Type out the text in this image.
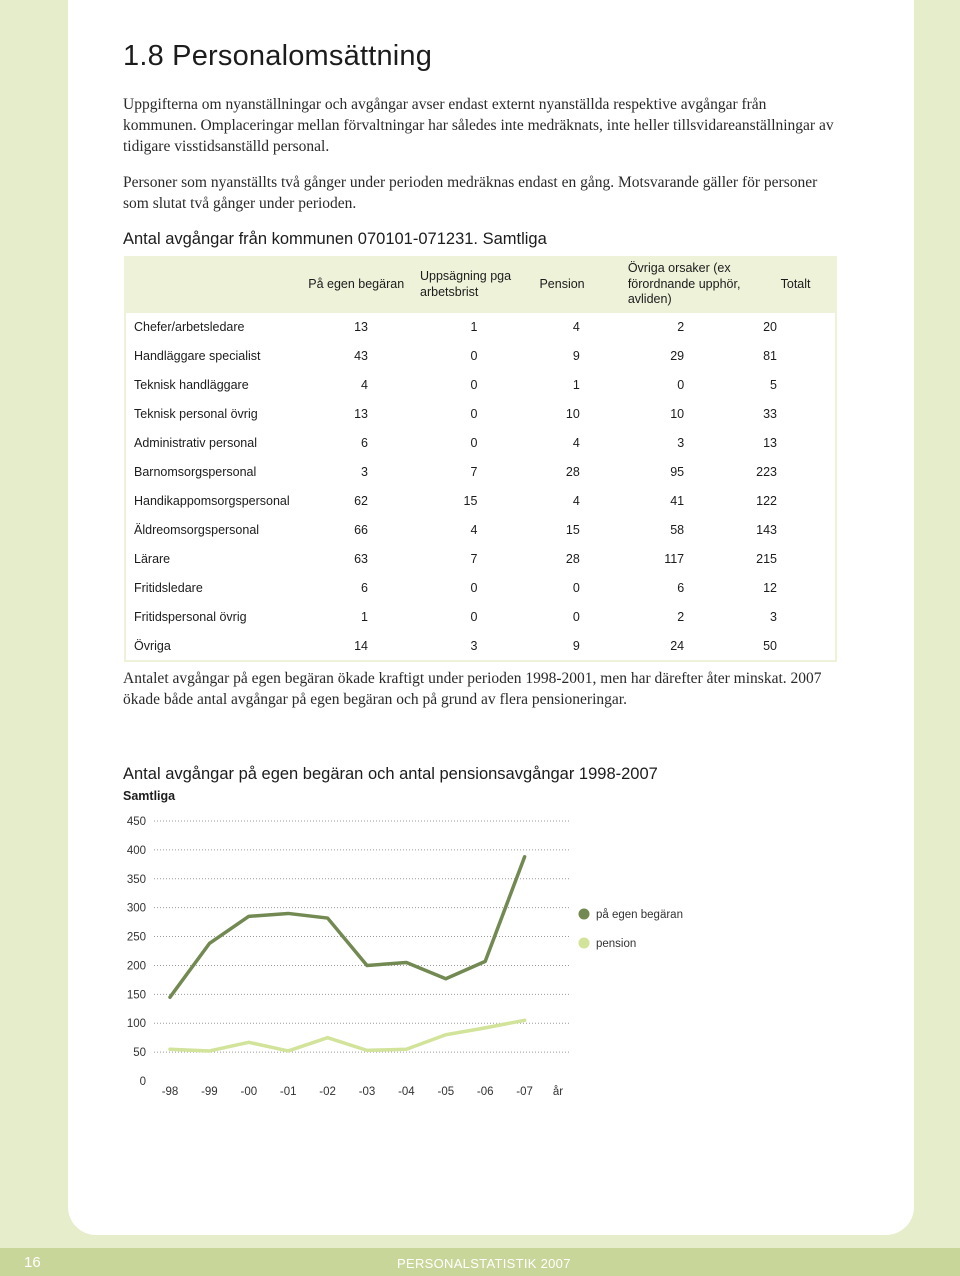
1.8 Personalomsättning

Uppgifterna om nyanställningar och avgångar avser endast externt nyanställda respektive avgångar från kommunen. Omplaceringar mellan förvaltningar har således inte medräknats, inte heller tillsvidareanställningar av tidigare visstidsanställd personal.

Personer som nyanställts två gånger under perioden medräknas endast en gång. Motsvarande gäller för personer som slutat två gånger under perioden.

Antal avgångar från kommunen 070101-071231. Samtliga
	På egen begäran	Uppsägning pga arbetsbrist	Pension	Övriga orsaker (ex förordnande upphör, avliden)	Totalt
Chefer/arbetsledare	13	1	4	2	20
Handläggare specialist	43	0	9	29	81
Teknisk handläggare	4	0	1	0	5
Teknisk personal övrig	13	0	10	10	33
Administrativ personal	6	0	4	3	13
Barnomsorgspersonal	3	7	28	95	223
Handikappomsorgspersonal	62	15	4	41	122
Äldreomsorgspersonal	66	4	15	58	143
Lärare	63	7	28	117	215
Fritidsledare	6	0	0	6	12
Fritidspersonal övrig	1	0	0	2	3
Övriga	14	3	9	24	50

Antalet avgångar på egen begäran ökade kraftigt under perioden 1998-2001, men har därefter åter minskat. 2007 ökade både antal avgångar på egen begäran och på grund av flera pensioneringar.

Antal avgångar på egen begäran och antal pensionsavgångar 1998-2007
Samtliga
0
50
100
150
200
250
300
350
400
450
-98 -99 -00 -01 -02 -03 -04 -05 -06 -07 år
på egen begäran
pension
16	PERSONALSTATISTIK 2007
